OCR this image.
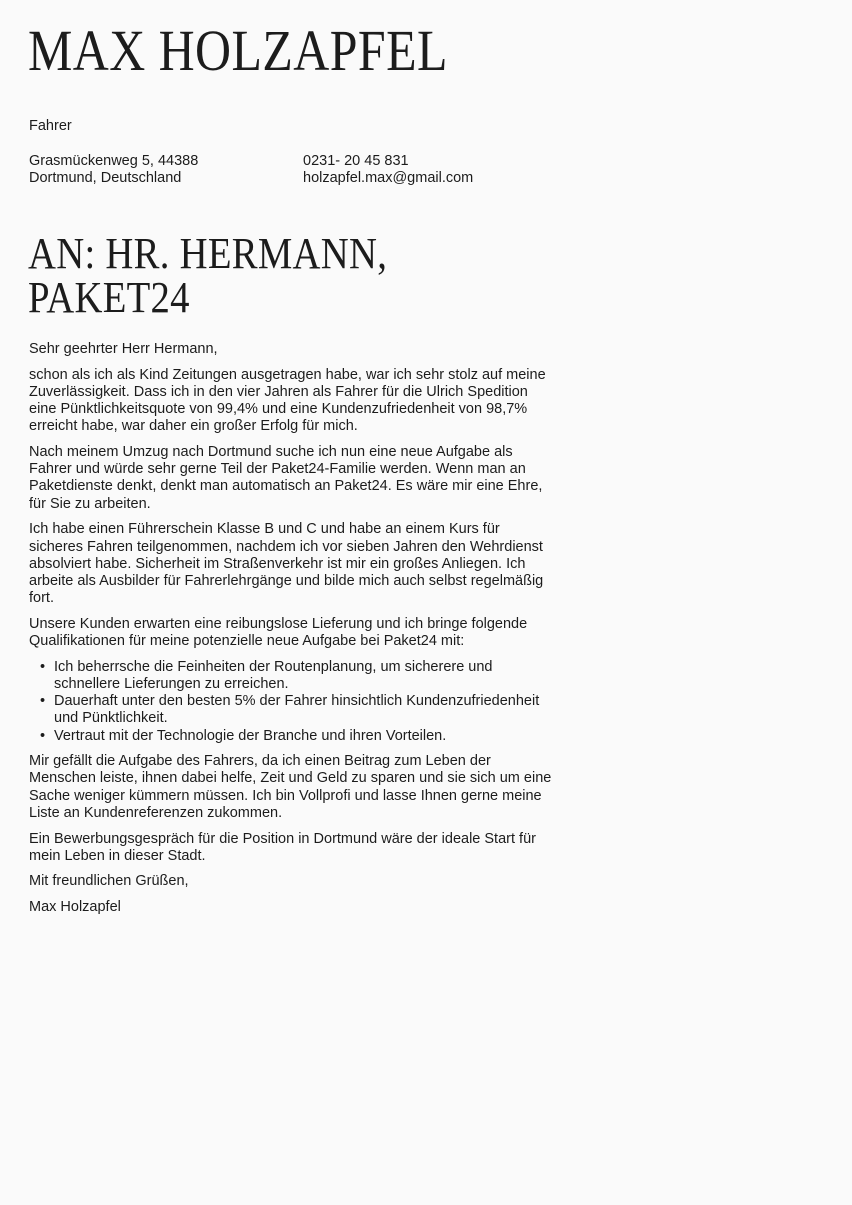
MAX HOLZAPFEL
Fahrer
Grasmückenweg 5, 44388
Dortmund, Deutschland
0231- 20 45 831
holzapfel.max@gmail.com
AN: HR. HERMANN,
PAKET24

Sehr geehrter Herr Hermann,

schon als ich als Kind Zeitungen ausgetragen habe, war ich sehr stolz auf meine Zuverlässigkeit. Dass ich in den vier Jahren als Fahrer für die Ulrich Spedition eine Pünktlichkeitsquote von 99,4% und eine Kundenzufriedenheit von 98,7% erreicht habe, war daher ein großer Erfolg für mich.

Nach meinem Umzug nach Dortmund suche ich nun eine neue Aufgabe als Fahrer und würde sehr gerne Teil der Paket24-Familie werden. Wenn man an Paketdienste denkt, denkt man automatisch an Paket24. Es wäre mir eine Ehre, für Sie zu arbeiten.

Ich habe einen Führerschein Klasse B und C und habe an einem Kurs für sicheres Fahren teilgenommen, nachdem ich vor sieben Jahren den Wehrdienst absolviert habe. Sicherheit im Straßenverkehr ist mir ein großes Anliegen. Ich arbeite als Ausbilder für Fahrerlehrgänge und bilde mich auch selbst regelmäßig fort.

Unsere Kunden erwarten eine reibungslose Lieferung und ich bringe folgende Qualifikationen für meine potenzielle neue Aufgabe bei Paket24 mit:

• Ich beherrsche die Feinheiten der Routenplanung, um sicherere und schnellere Lieferungen zu erreichen.
• Dauerhaft unter den besten 5% der Fahrer hinsichtlich Kundenzufriedenheit und Pünktlichkeit.
• Vertraut mit der Technologie der Branche und ihren Vorteilen.

Mir gefällt die Aufgabe des Fahrers, da ich einen Beitrag zum Leben der Menschen leiste, ihnen dabei helfe, Zeit und Geld zu sparen und sie sich um eine Sache weniger kümmern müssen. Ich bin Vollprofi und lasse Ihnen gerne meine Liste an Kundenreferenzen zukommen.

Ein Bewerbungsgespräch für die Position in Dortmund wäre der ideale Start für mein Leben in dieser Stadt.

Mit freundlichen Grüßen,

Max Holzapfel
